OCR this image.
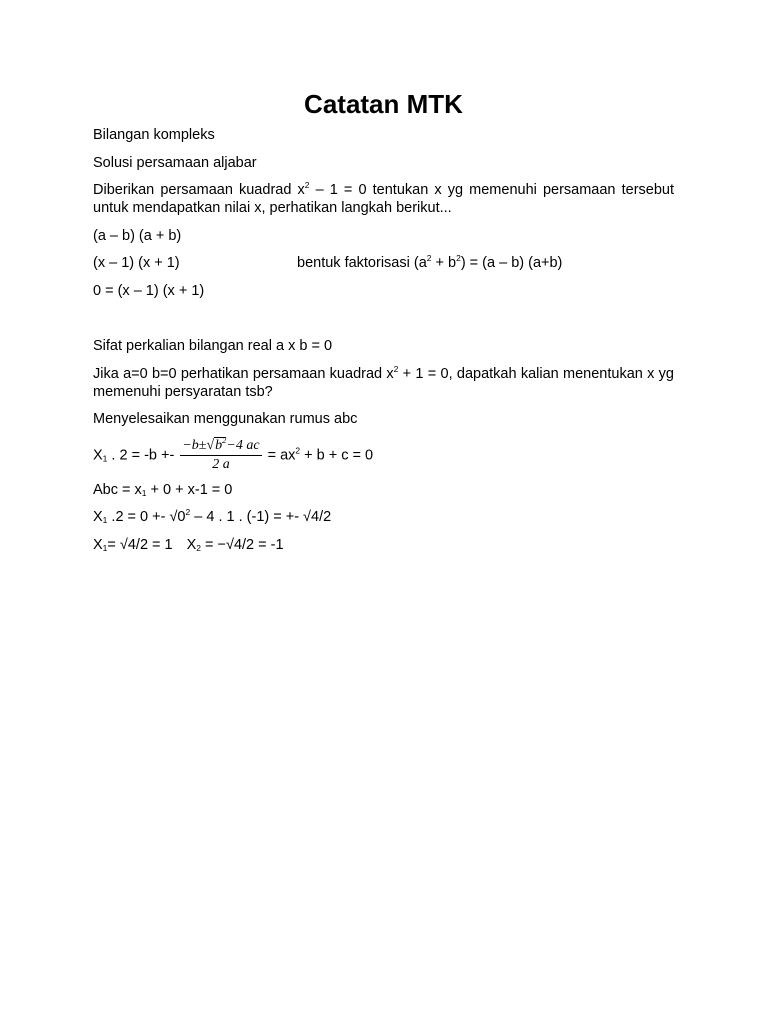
Catatan MTK
Bilangan kompleks
Solusi persamaan aljabar
Diberikan persamaan kuadrad $x^2 - 1 = 0$ tentukan x yg memenuhi persamaan tersebut untuk mendapatkan nilai x, perhatikan langkah berikut...
(a – b) (a + b)
(x – 1) (x + 1)	bentuk faktorisasi $(a^2 + b^2) = (a - b)$ (a+b)
0 = (x – 1) (x + 1)
Sifat perkalian bilangan real a x b = 0
Jika a=0 b=0 perhatikan persamaan kuadrad $x^2 + 1 = 0$, dapatkah kalian menentukan x yg memenuhi persyaratan tsb?
Menyelesaikan menggunakan rumus abc
$X_1$ . $2 = -b +- \frac{-b\pm√b^2-4 ac}{2 a} = ax^2 + b + c = 0$
Abc = $x_1 + 0 + x-1 = 0$
$X_1$ $.2 = 0 +- √0^2 - 4$ . 1 . (-1) = +- √4/2
$X_1= √4/2 = 1$ $X_2 = -√4/2 = -1$
